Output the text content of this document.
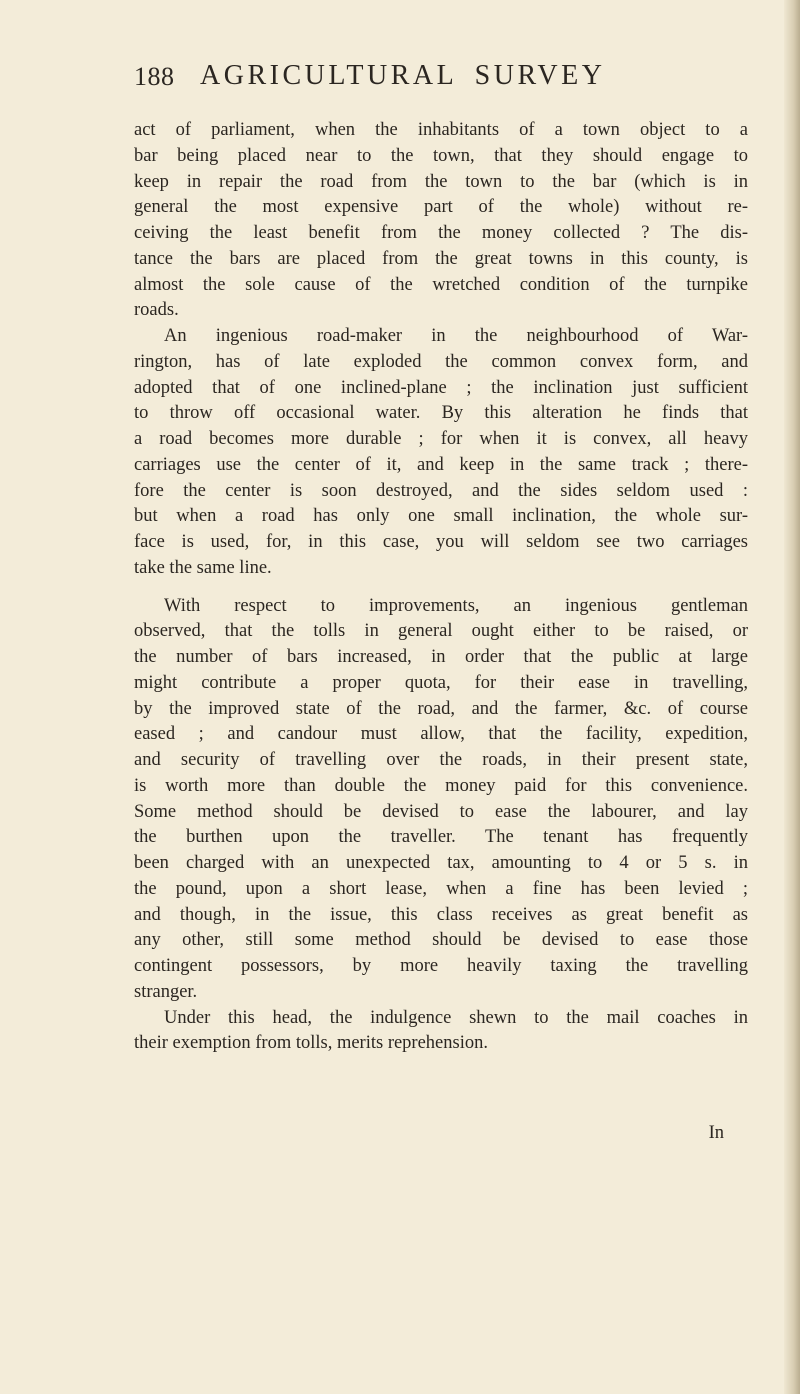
188 AGRICULTURAL SURVEY
act of parliament, when the inhabitants of a town object to a
bar being placed near to the town, that they should engage to
keep in repair the road from the town to the bar (which is in
general the most expensive part of the whole) without re-
ceiving the least benefit from the money collected ? The dis-
tance the bars are placed from the great towns in this county, is
almost the sole cause of the wretched condition of the turnpike
roads.
An ingenious road-maker in the neighbourhood of War-
rington, has of late exploded the common convex form, and
adopted that of one inclined-plane ; the inclination just sufficient
to throw off occasional water. By this alteration he finds that
a road becomes more durable ; for when it is convex, all heavy
carriages use the center of it, and keep in the same track ; there-
fore the center is soon destroyed, and the sides seldom used :
but when a road has only one small inclination, the whole sur-
face is used, for, in this case, you will seldom see two carriages
take the same line.
With respect to improvements, an ingenious gentleman
observed, that the tolls in general ought either to be raised, or
the number of bars increased, in order that the public at large
might contribute a proper quota, for their ease in travelling,
by the improved state of the road, and the farmer, &c. of course
eased ; and candour must allow, that the facility, expedition,
and security of travelling over the roads, in their present state,
is worth more than double the money paid for this convenience.
Some method should be devised to ease the labourer, and lay
the burthen upon the traveller. The tenant has frequently
been charged with an unexpected tax, amounting to 4 or 5 s. in
the pound, upon a short lease, when a fine has been levied ;
and though, in the issue, this class receives as great benefit as
any other, still some method should be devised to ease those
contingent possessors, by more heavily taxing the travelling
stranger.
Under this head, the indulgence shewn to the mail coaches in
their exemption from tolls, merits reprehension.
In
